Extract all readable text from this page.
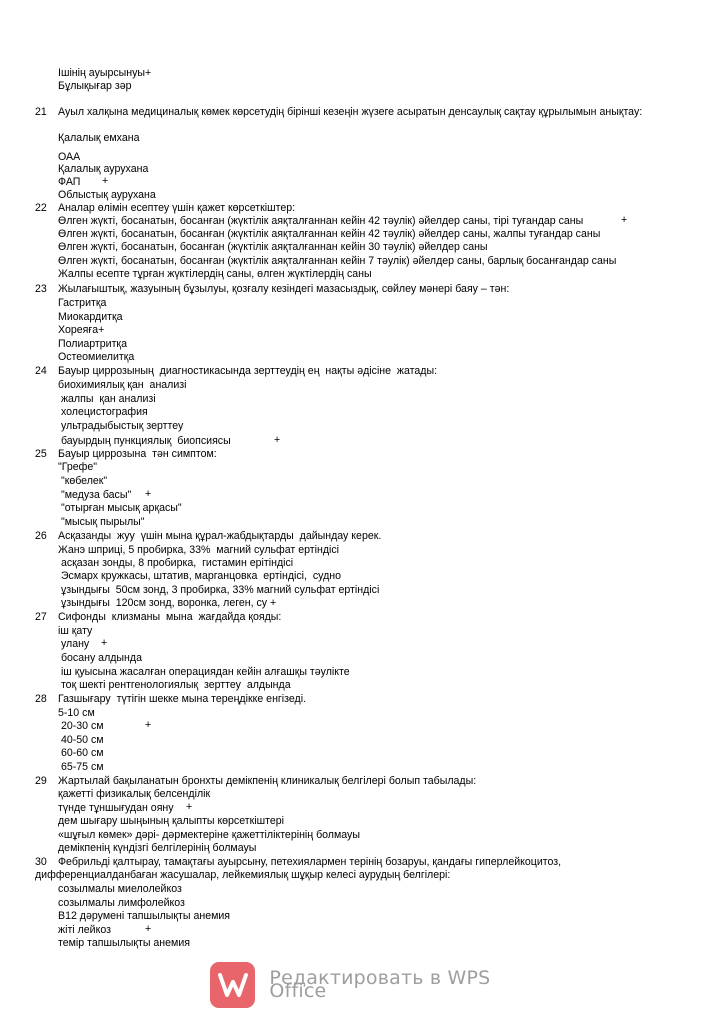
Ішінің ауырсынуы+
Бұлықығар зәр
21 Ауыл халқына медициналық көмек көрсетудің бірінші кезеңін жүзеге асыратын денсаулық сақтау құрылымын анықтау:
Қалалық емхана
ОАА
Қалалық аурухана
ФАП +
Облыстық аурухана
22 Аналар өлімін есептеу үшін қажет көрсеткіштер:
Өлген жүкті, босанатын, босанған (жүктілік аяқталғаннан кейін 42 тәулік) әйелдер саны, тірі туғандар саны	+
Өлген жүкті, босанатын, босанған (жүктілік аяқталғаннан кейін 42 тәулік) әйелдер саны, жалпы туғандар саны
Өлген жүкті, босанатын, босанған (жүктілік аяқталғаннан кейін 30 тәулік) әйелдер саны
Өлген жүкті, босанатын, босанған (жүктілік аяқталғаннан кейін 7 тәулік) әйелдер саны, барлық босанғандар саны
Жалпы есепте тұрған жүктілердің саны, өлген жүктілердің саны
23 Жылағыштық, жазуының бұзылуы, қозғалу кезіндегі мазасыздық, сөйлеу мәнері баяу – тән:
Гастритқа
Миокардитқа
Хореяға+
Полиартритқа
Остеомиелитқа
24 Бауыр циррозының  диагностикасында зерттеудің ең  нақты әдісіне  жатады:
биохимиялық қан  анализі
жалпы  қан анализі
холецистография
ультрадыбыстық зерттеу
бауырдың пункциялық  биопсиясы	+
25 Бауыр циррозына  тән симптом:
"Грефе"
"көбелек"
"медуза басы" +
"отырған мысық арқасы"
"мысық пырылы"
26 Асқазанды  жуу  үшін мына құрал-жабдықтарды  дайындау керек.
Жанэ шприці, 5 пробирка, 33%  магний сульфат ертіндісі
асқазан зонды, 8 пробирка,  гистамин ерітіндісі
Эсмарх кружкасы, штатив, марганцовка  ертіндісі,  судно
ұзындығы  50см зонд, 3 пробирка, 33% магний сульфат ертіндісі
ұзындығы  120см зонд, воронка, леген, су +
27 Сифонды  клизманы  мына  жағдайда қояды:
іш қату
улану +
босану алдында
іш қуысына жасалған операциядан кейін алғашқы тәулікте
тоқ шекті рентгенологиялық  зерттеу  алдында
28 Газшығару  түтігін шекке мына тереңдікке енгізеді.
5-10 см
20-30 см	+
40-50 см
60-60 см
65-75 см
29 Жартылай бақыланатын бронхты демікпенің клиникалық белгілері болып табылады:
қажетті физикалық белсенділік
түнде тұншығудан ояну +
дем шығару шыңының қалыпты көрсеткіштері
«шұғыл көмек» дәрі- дәрмектеріне қажеттіліктерінің болмауы
демікпенің күндізгі белгілерінің болмауы
30 Фебрильді қалтырау, тамақтағы ауырсыну, петехиялармен терінің бозаруы, қандағы гиперлейкоцитоз,
дифференциалданбаған жасушалар, лейкемиялық шұқыр келесі аурудың белгілері:
созылмалы миелолейкоз
созылмалы лимфолейкоз
В12 дәрумені тапшылықты анемия
жіті лейкоз	+
темір тапшылықты анемия
Редактировать в WPS Office
